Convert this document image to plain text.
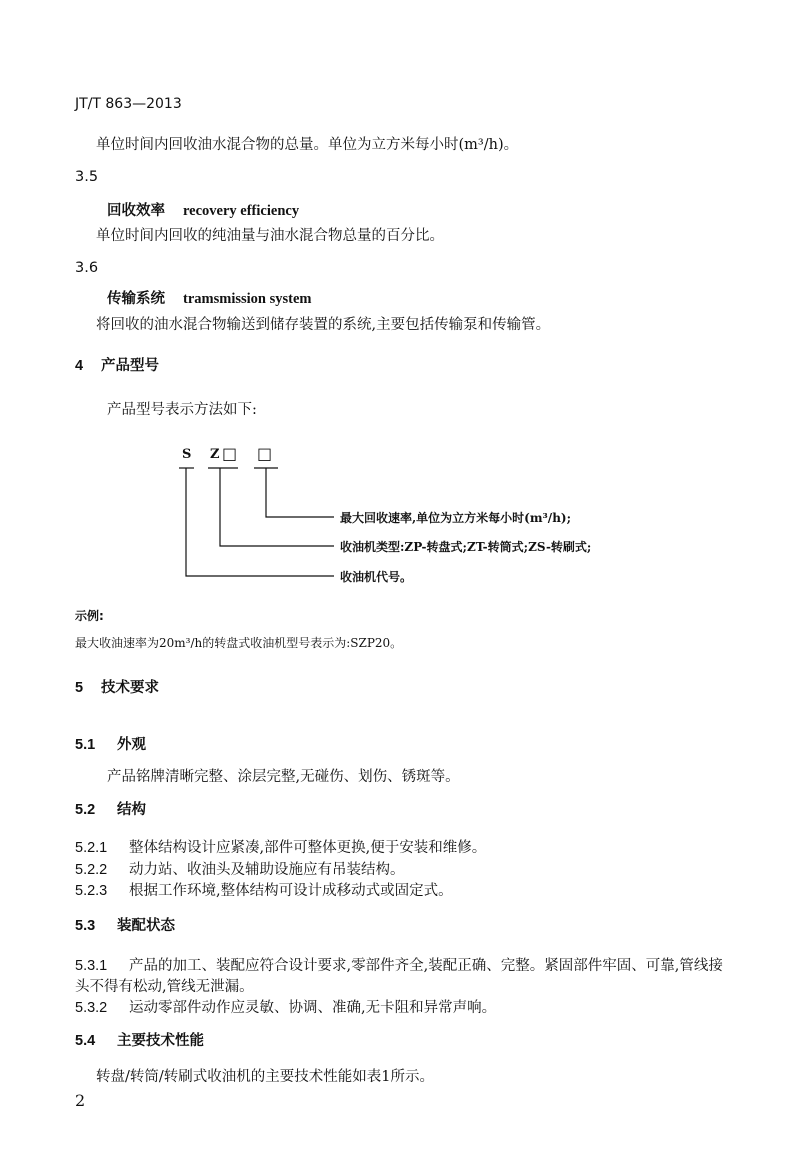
JT/T 863—2013
单位时间内回收油水混合物的总量。单位为立方米每小时(m³/h)。
3.5
回收效率 recovery efficiency
单位时间内回收的纯油量与油水混合物总量的百分比。
3.6
传输系统 tramsmission system
将回收的油水混合物输送到储存装置的系统,主要包括传输泵和传输管。
4 产品型号
产品型号表示方法如下:
S Z □ □
最大回收速率,单位为立方米每小时(m³/h);
收油机类型:ZP-转盘式;ZT-转筒式;ZS-转刷式;
收油机代号。
示例:
最大收油速率为20m³/h的转盘式收油机型号表示为:SZP20。
5 技术要求
5.1 外观
产品铭牌清晰完整、涂层完整,无碰伤、划伤、锈斑等。
5.2 结构
5.2.1 整体结构设计应紧凑,部件可整体更换,便于安装和维修。
5.2.2 动力站、收油头及辅助设施应有吊装结构。
5.2.3 根据工作环境,整体结构可设计成移动式或固定式。
5.3 装配状态
5.3.1 产品的加工、装配应符合设计要求,零部件齐全,装配正确、完整。紧固部件牢固、可靠,管线接
头不得有松动,管线无泄漏。
5.3.2 运动零部件动作应灵敏、协调、准确,无卡阻和异常声响。
5.4 主要技术性能
转盘/转筒/转刷式收油机的主要技术性能如表1所示。
2
